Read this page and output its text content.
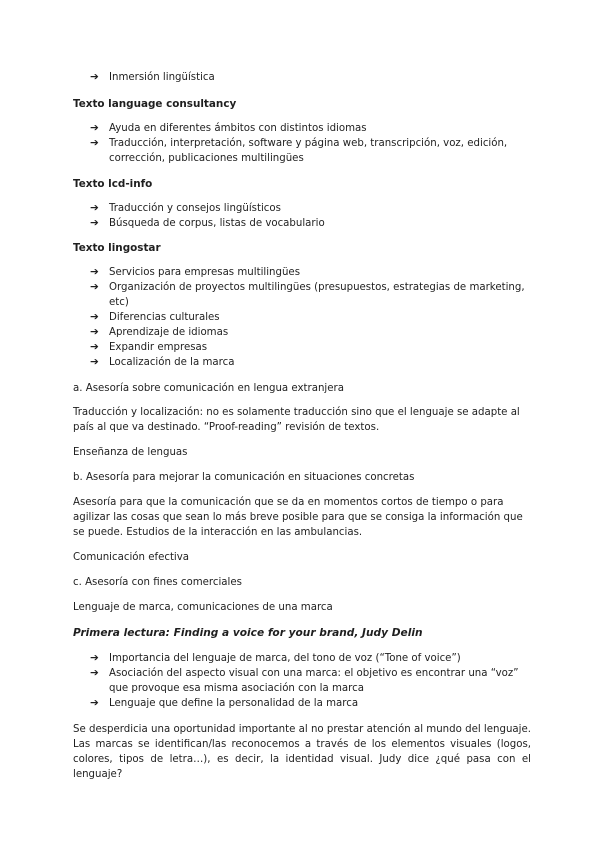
➔ Inmersión lingüística

Texto language consultancy

➔ Ayuda en diferentes ámbitos con distintos idiomas
➔ Traducción, interpretación, software y página web, transcripción, voz, edición, corrección, publicaciones multilingües

Texto lcd-info

➔ Traducción y consejos lingüísticos
➔ Búsqueda de corpus, listas de vocabulario

Texto lingostar

➔ Servicios para empresas multilingües
➔ Organización de proyectos multilingües (presupuestos, estrategias de marketing, etc)
➔ Diferencias culturales
➔ Aprendizaje de idiomas
➔ Expandir empresas
➔ Localización de la marca

a. Asesoría sobre comunicación en lengua extranjera

Traducción y localización: no es solamente traducción sino que el lenguaje se adapte al país al que va destinado. “Proof-reading” revisión de textos.

Enseñanza de lenguas

b. Asesoría para mejorar la comunicación en situaciones concretas

Asesoría para que la comunicación que se da en momentos cortos de tiempo o para agilizar las cosas que sean lo más breve posible para que se consiga la información que se puede. Estudios de la interacción en las ambulancias.

Comunicación efectiva

c. Asesoría con fines comerciales

Lenguaje de marca, comunicaciones de una marca

Primera lectura: Finding a voice for your brand, Judy Delin

➔ Importancia del lenguaje de marca, del tono de voz (“Tone of voice”)
➔ Asociación del aspecto visual con una marca: el objetivo es encontrar una “voz” que provoque esa misma asociación con la marca
➔ Lenguaje que define la personalidad de la marca

Se desperdicia una oportunidad importante al no prestar atención al mundo del lenguaje. Las marcas se identifican/las reconocemos a través de los elementos visuales (logos, colores, tipos de letra…), es decir, la identidad visual. Judy dice ¿qué pasa con el lenguaje?
